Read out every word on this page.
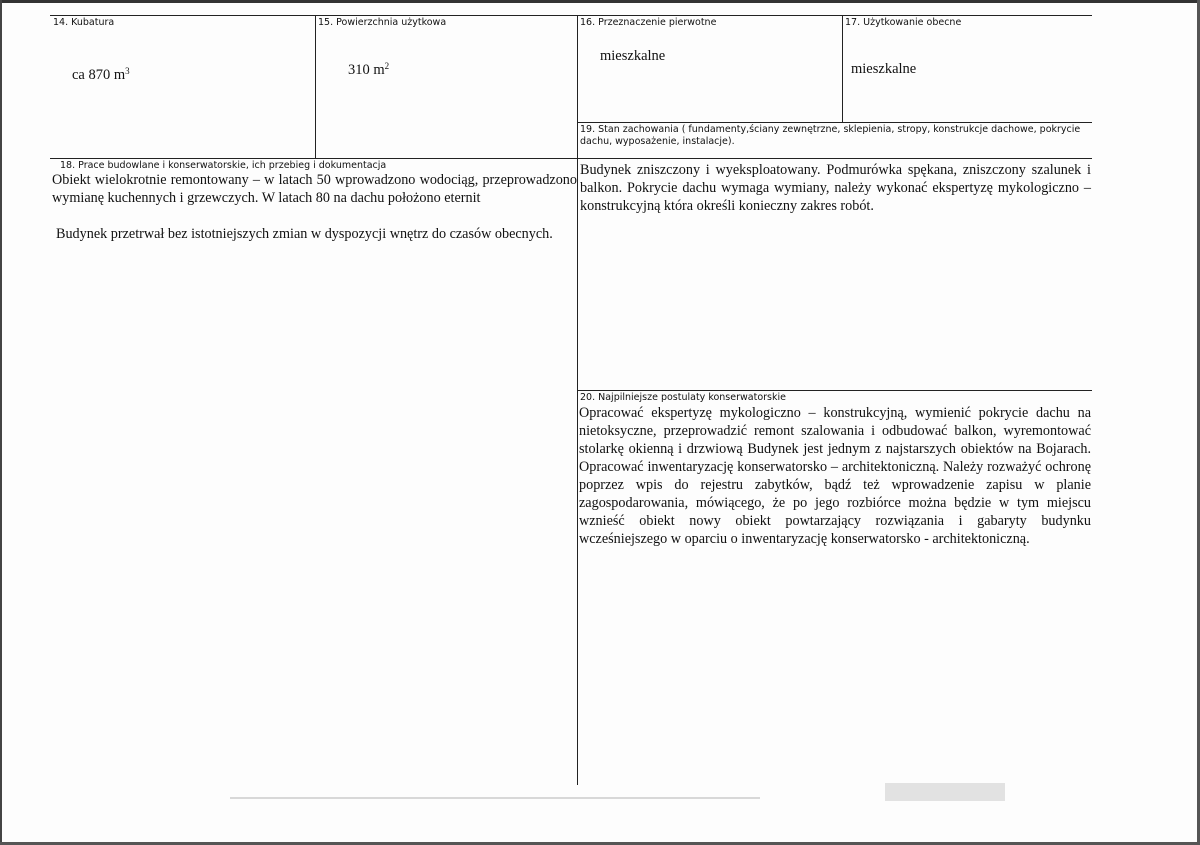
14. Kubatura
ca 870 $m^3$
15. Powierzchnia użytkowa
310 $m^2$
16. Przeznaczenie pierwotne
mieszkalne
17. Użytkowanie obecne
mieszkalne
19. Stan zachowania ( fundamenty,ściany zewnętrzne, sklepienia, stropy, konstrukcje dachowe, pokrycie dachu, wyposażenie, instalacje).
Budynek zniszczony i wyeksploatowany. Podmurówka spękana, zniszczony szalunek i balkon. Pokrycie dachu wymaga wymiany, należy wykonać ekspertyzę mykologiczno – konstrukcyjną która określi konieczny zakres robót.
18. Prace budowlane i konserwatorskie, ich przebieg i dokumentacja
Obiekt wielokrotnie remontowany – w latach 50 wprowadzono wodociąg, przeprowadzono wymianę kuchennych i grzewczych. W latach 80 na dachu położono eternit
Budynek przetrwał bez istotniejszych zmian w dyspozycji wnętrz do czasów obecnych.
20. Najpilniejsze postulaty konserwatorskie
Opracować ekspertyzę mykologiczno – konstrukcyjną, wymienić pokrycie dachu na nietoksyczne, przeprowadzić remont szalowania i odbudować balkon, wyremontować stolarkę okienną i drzwiową Budynek jest jednym z najstarszych obiektów na Bojarach. Opracować inwentaryzację konserwatorsko – architektoniczną. Należy rozważyć ochronę poprzez wpis do rejestru zabytków, bądź też wprowadzenie zapisu w planie zagospodarowania, mówiącego, że po jego rozbiórce można będzie w tym miejscu wznieść obiekt nowy obiekt powtarzający rozwiązania i gabaryty budynku wcześniejszego w oparciu o inwentaryzację konserwatorsko - architektoniczną.
